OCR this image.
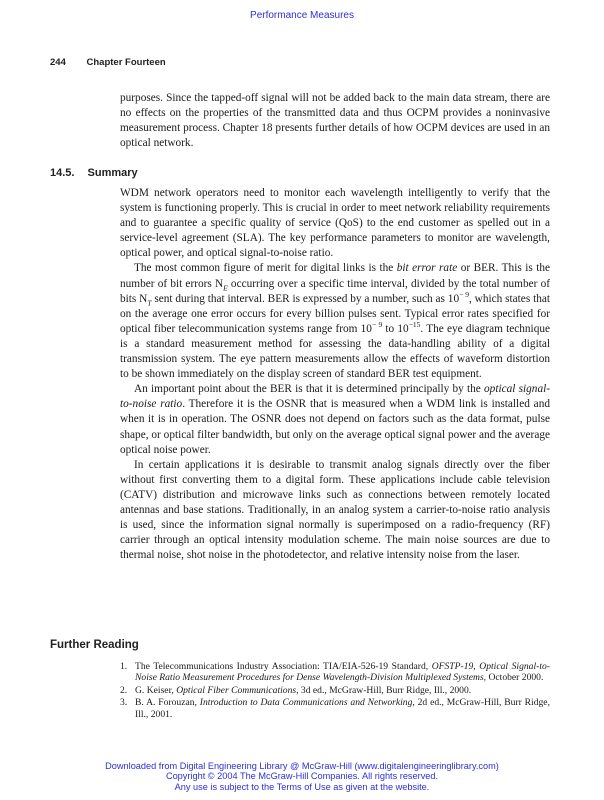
Performance Measures
244 Chapter Fourteen

purposes. Since the tapped-off signal will not be added back to the main data stream, there are no effects on the properties of the transmitted data and thus OCPM provides a noninvasive measurement process. Chapter 18 presents further details of how OCPM devices are used in an optical network.

14.5. Summary

WDM network operators need to monitor each wavelength intelligently to verify that the system is functioning properly. This is crucial in order to meet network reliability requirements and to guarantee a specific quality of service (QoS) to the end customer as spelled out in a service-level agreement (SLA). The key performance parameters to monitor are wavelength, optical power, and optical signal-to-noise ratio.

The most common figure of merit for digital links is the bit error rate or BER. This is the number of bit errors $N_E$ occurring over a specific time interval, divided by the total number of bits $N_T$ sent during that interval. BER is expressed by a number, such as $10^{- 9}$, which states that on the average one error occurs for every billion pulses sent. Typical error rates specified for optical fiber telecommunication systems range from $10^{- 9}$ to $10^{-15}$. The eye diagram technique is a standard measurement method for assessing the data-handling ability of a digital transmission system. The eye pattern measurements allow the effects of waveform distortion to be shown immediately on the display screen of standard BER test equipment.

An important point about the BER is that it is determined principally by the optical signal-to-noise ratio. Therefore it is the OSNR that is measured when a WDM link is installed and when it is in operation. The OSNR does not depend on factors such as the data format, pulse shape, or optical filter bandwidth, but only on the average optical signal power and the average optical noise power.

In certain applications it is desirable to transmit analog signals directly over the fiber without first converting them to a digital form. These applications include cable television (CATV) distribution and microwave links such as connections between remotely located antennas and base stations. Traditionally, in an analog system a carrier-to-noise ratio analysis is used, since the information signal normally is superimposed on a radio-frequency (RF) carrier through an optical intensity modulation scheme. The main noise sources are due to thermal noise, shot noise in the photodetector, and relative intensity noise from the laser.

Further Reading
1. The Telecommunications Industry Association: TIA/EIA-526-19 Standard, OFSTP-19, Optical Signal-to-Noise Ratio Measurement Procedures for Dense Wavelength-Division Multiplexed Systems, October 2000.
2. G. Keiser, Optical Fiber Communications, 3d ed., McGraw-Hill, Burr Ridge, Ill., 2000.
3. B. A. Forouzan, Introduction to Data Communications and Networking, 2d ed., McGraw-Hill, Burr Ridge, Ill., 2001.
Downloaded from Digital Engineering Library @ McGraw-Hill (www.digitalengineeringlibrary.com)
Copyright © 2004 The McGraw-Hill Companies. All rights reserved.
Any use is subject to the Terms of Use as given at the website.
